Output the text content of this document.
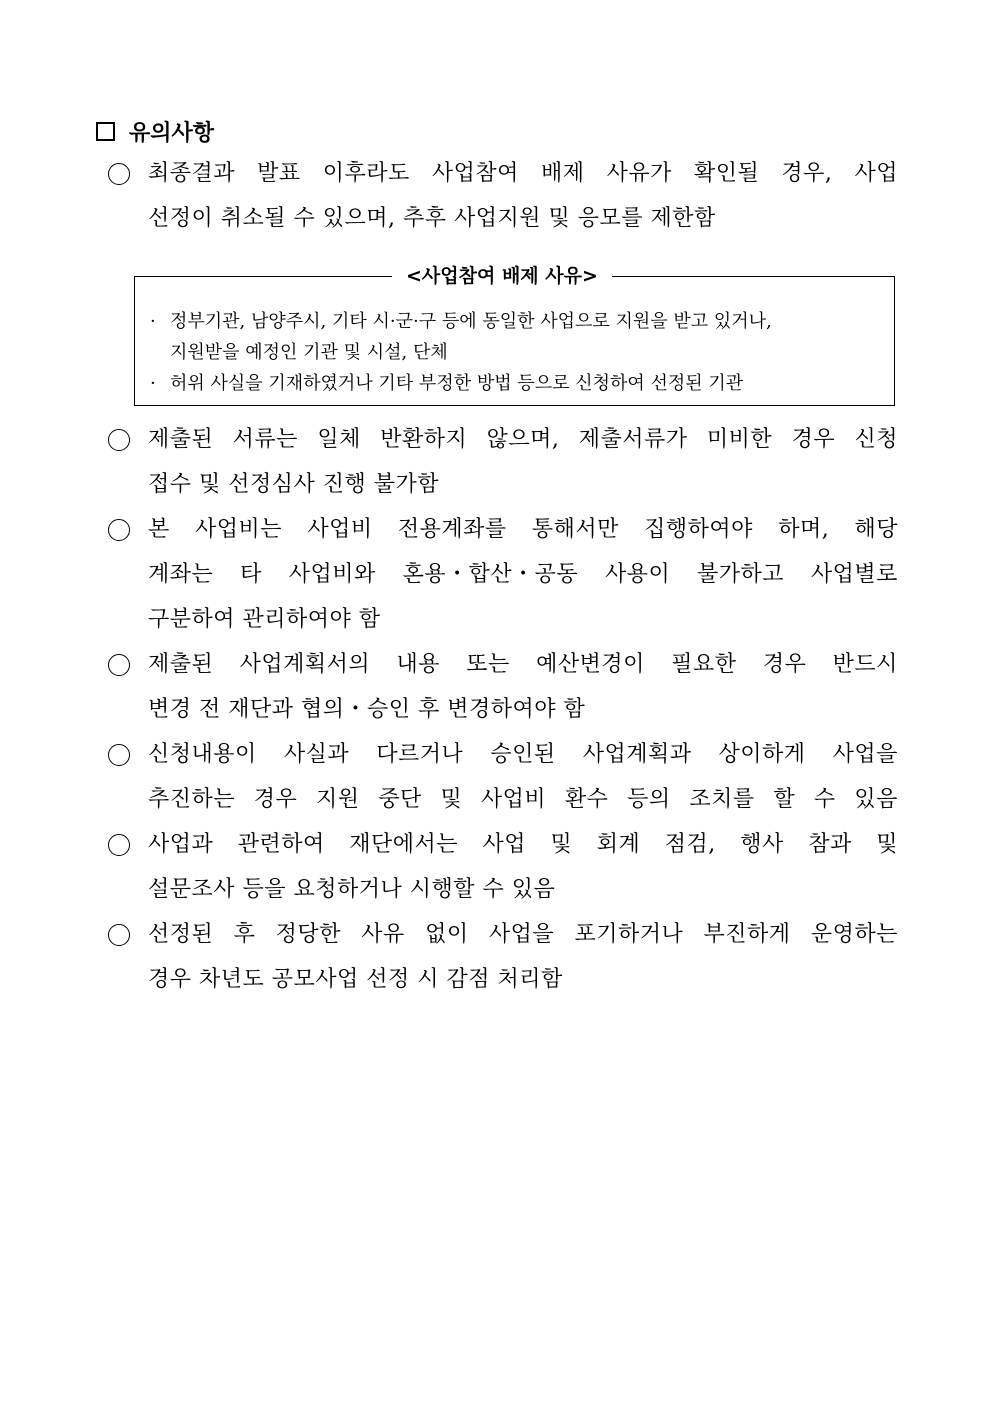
유의사항
최종결과 발표 이후라도 사업참여 배제 사유가 확인될 경우, 사업
선정이 취소될 수 있으며, 추후 사업지원 및 응모를 제한함
<사업참여 배제 사유>
· 정부기관, 남양주시, 기타 시·군·구 등에 동일한 사업으로 지원을 받고 있거나,
지원받을 예정인 기관 및 시설, 단체
· 허위 사실을 기재하였거나 기타 부정한 방법 등으로 신청하여 선정된 기관
제출된 서류는 일체 반환하지 않으며, 제출서류가 미비한 경우 신청
접수 및 선정심사 진행 불가함
본 사업비는 사업비 전용계좌를 통해서만 집행하여야 하며, 해당
계좌는 타 사업비와 혼용・합산・공동 사용이 불가하고 사업별로
구분하여 관리하여야 함
제출된 사업계획서의 내용 또는 예산변경이 필요한 경우 반드시
변경 전 재단과 협의・승인 후 변경하여야 함
신청내용이 사실과 다르거나 승인된 사업계획과 상이하게 사업을
추진하는 경우 지원 중단 및 사업비 환수 등의 조치를 할 수 있음
사업과 관련하여 재단에서는 사업 및 회계 점검, 행사 참과 및
설문조사 등을 요청하거나 시행할 수 있음
선정된 후 정당한 사유 없이 사업을 포기하거나 부진하게 운영하는
경우 차년도 공모사업 선정 시 감점 처리함
